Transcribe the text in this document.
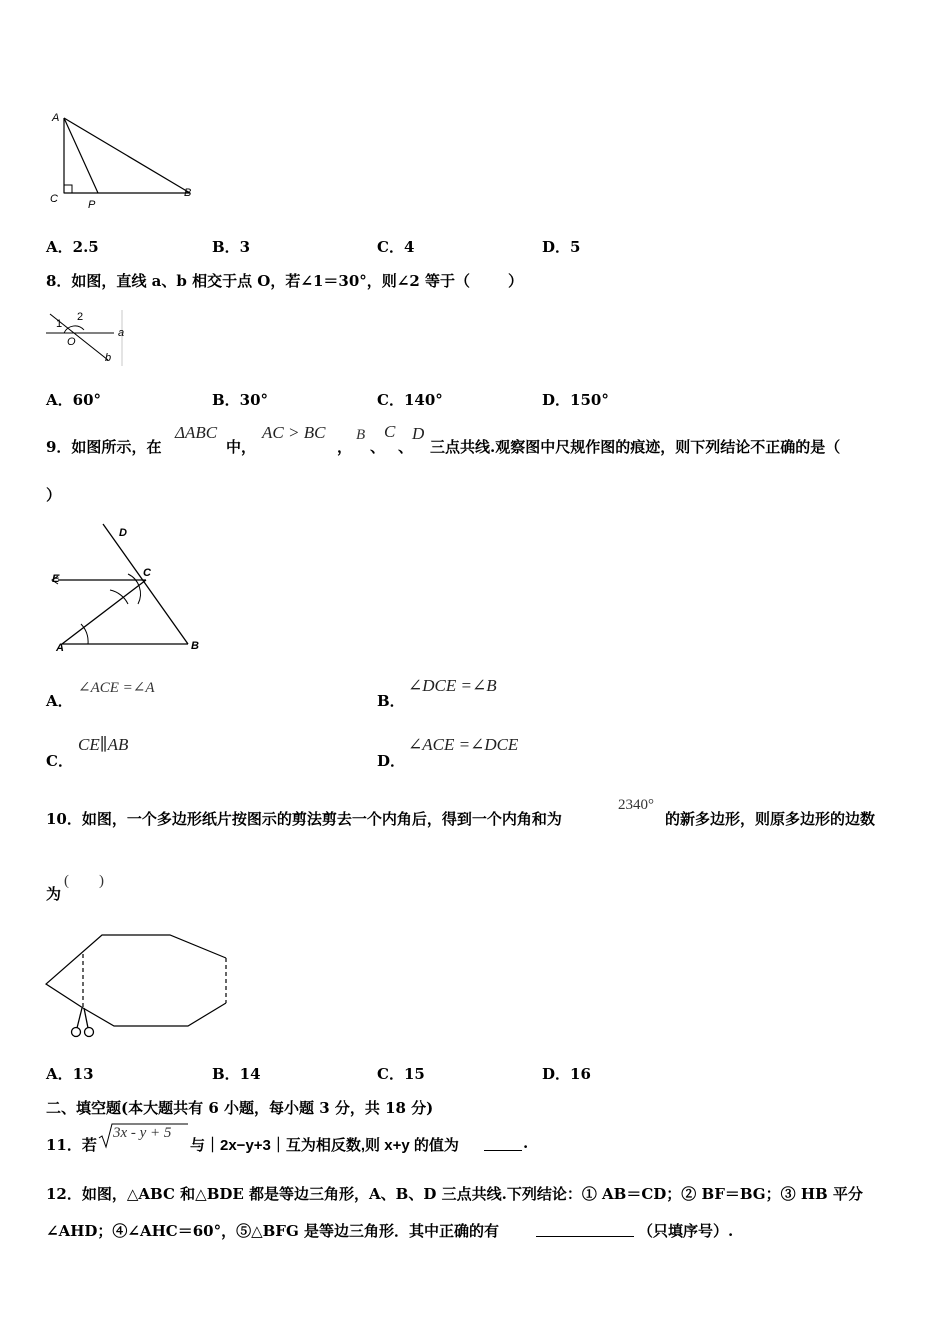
A
C	P
B
A．2.5	B．3	C．4	D．5
8．如图，直线 a、b 相交于点 O，若∠1＝30°，则∠2 等于（	）
1
2
O
a
b
A．60°	B．30°	C．140°	D．150°
9．如图所示，在
ΔABC
中，
AC > BC
，
B
、
C
、
D
三点共线.观察图中尺规作图的痕迹，则下列结论不正确的是（
）
D
E	C
A	B
A．
∠ACE =∠A
B．
∠DCE =∠B
C．
CE∥AB
D．
∠ACE =∠DCE
10．如图，一个多边形纸片按图示的剪法剪去一个内角后，得到一个内角和为
2340°
的新多边形，则原多边形的边数
为
(　　)
A．13	B．14	C．15	D．16
二、填空题(本大题共有 6 小题，每小题 3 分，共 18 分)
11．若
3x - y + 5
与｜2x−y+3｜互为相反数,则 x+y 的值为	.
12．如图，△ABC 和△BDE 都是等边三角形，A、B、D 三点共线.下列结论：① AB＝CD；② BF＝BG；③ HB 平分
∠AHD；④∠AHC＝60°，⑤△BFG 是等边三角形．其中正确的有	（只填序号）.
